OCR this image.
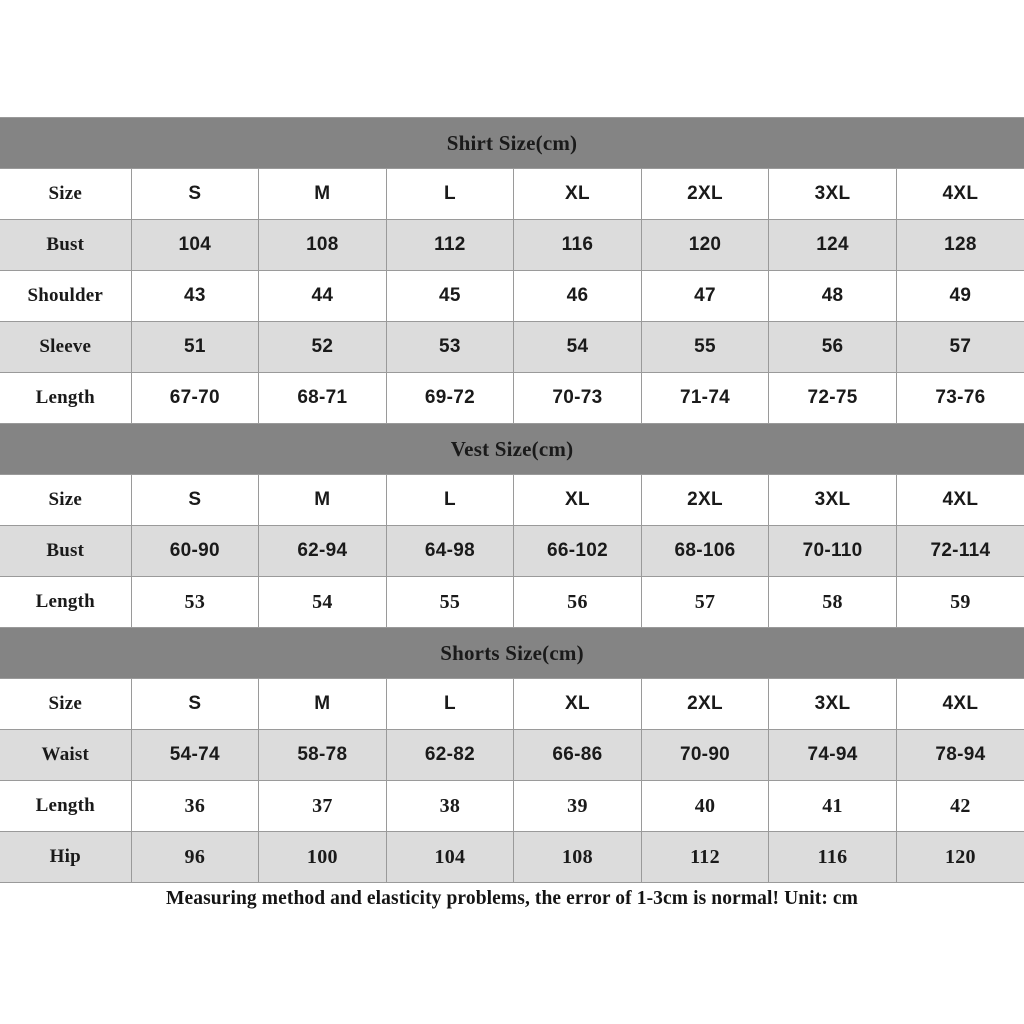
Shirt Size(cm)							
Size	S	M	L	XL	2XL	3XL	4XL
Bust	104	108	112	116	120	124	128
Shoulder	43	44	45	46	47	48	49
Sleeve	51	52	53	54	55	56	57
Length	67-70	68-71	69-72	70-73	71-74	72-75	73-76
Vest Size(cm)							
Size	S	M	L	XL	2XL	3XL	4XL
Bust	60-90	62-94	64-98	66-102	68-106	70-110	72-114
Length	53	54	55	56	57	58	59
Shorts Size(cm)							
Size	S	M	L	XL	2XL	3XL	4XL
Waist	54-74	58-78	62-82	66-86	70-90	74-94	78-94
Length	36	37	38	39	40	41	42
Hip	96	100	104	108	112	116	120
Measuring method and elasticity problems, the error of 1-3cm is normal! Unit: cm
